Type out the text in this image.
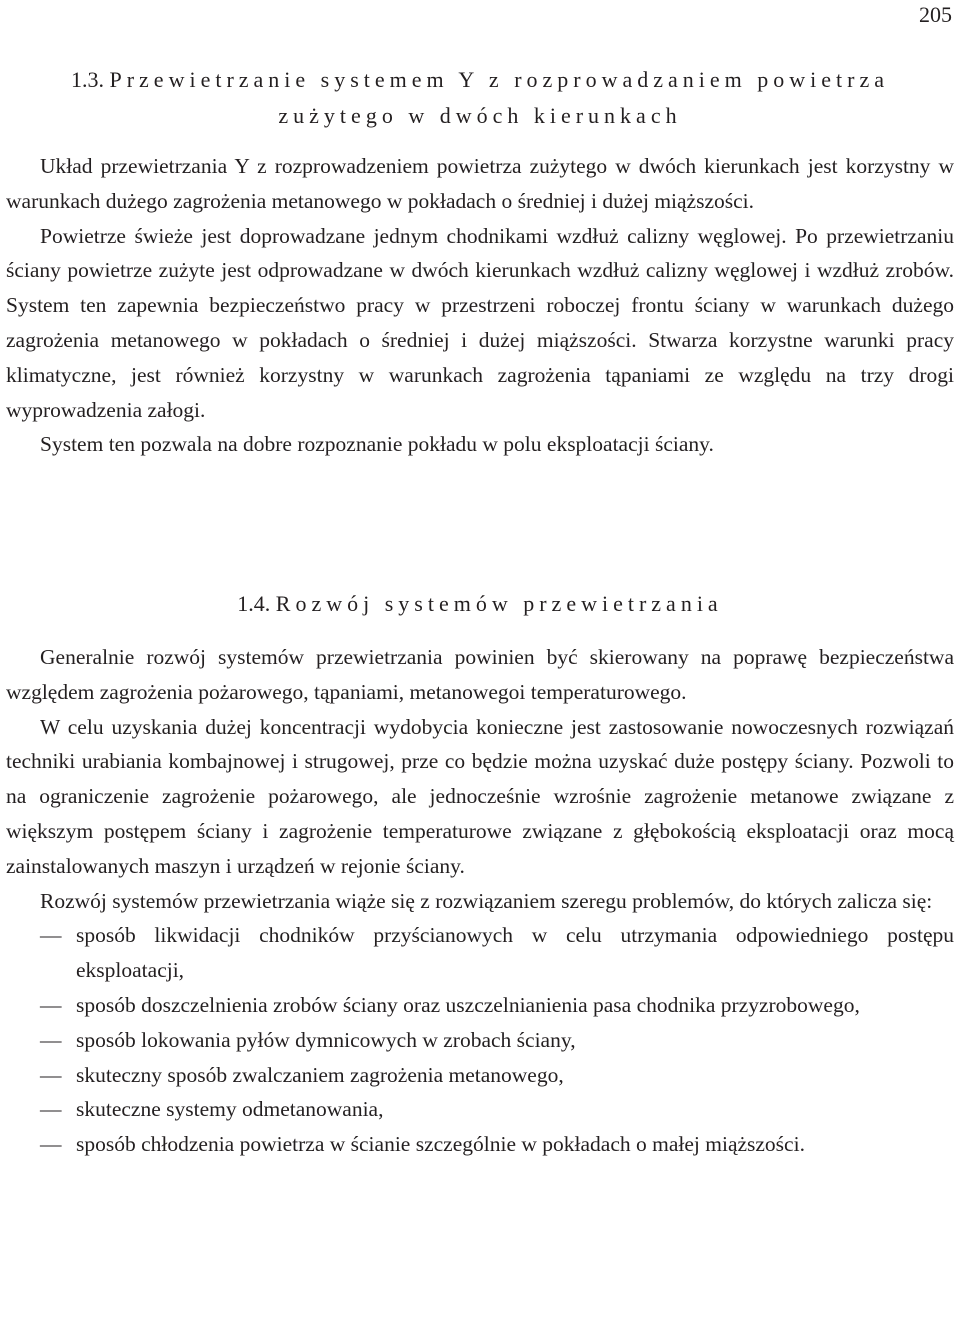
205
1.3. Przewietrzanie systemem Y z rozprowadzaniem powietrza
zużytego w dwóch kierunkach

Układ przewietrzania Y z rozprowadzeniem powietrza zużytego w dwóch kierunkach jest korzystny w warunkach dużego zagrożenia metanowego w pokładach o średniej i dużej miąższości.

Powietrze świeże jest doprowadzane jednym chodnikami wzdłuż calizny węglowej. Po przewietrzaniu ściany powietrze zużyte jest odprowadzane w dwóch kierunkach wzdłuż calizny węglowej i wzdłuż zrobów. System ten zapewnia bezpieczeństwo pracy w przestrzeni roboczej frontu ściany w warunkach dużego zagrożenia metanowego w pokładach o średniej i dużej miąższości. Stwarza korzystne warunki pracy klimatyczne, jest również korzystny w warunkach zagrożenia tąpaniami ze względu na trzy drogi wyprowadzenia załogi.

System ten pozwala na dobre rozpoznanie pokładu w polu eksploatacji ściany.

1.4. Rozwój systemów przewietrzania

Generalnie rozwój systemów przewietrzania powinien być skierowany na poprawę bezpieczeństwa względem zagrożenia pożarowego, tąpaniami, metanowegoi temperaturowego.

W celu uzyskania dużej koncentracji wydobycia konieczne jest zastosowanie nowoczesnych rozwiązań techniki urabiania kombajnowej i strugowej, prze co będzie można uzyskać duże postępy ściany. Pozwoli to na ograniczenie zagrożenie pożarowego, ale jednocześnie wzrośnie zagrożenie metanowe związane z większym postępem ściany i zagrożenie temperaturowe związane z głębokością eksploatacji oraz mocą zainstalowanych maszyn i urządzeń w rejonie ściany.

Rozwój systemów przewietrzania wiąże się z rozwiązaniem szeregu problemów, do których zalicza się:

— sposób likwidacji chodników przyścianowych w celu utrzymania odpowiedniego postępu eksploatacji,
— sposób doszczelnienia zrobów ściany oraz uszczelnianienia pasa chodnika przyzrobowego,
— sposób lokowania pyłów dymnicowych w zrobach ściany,
— skuteczny sposób zwalczaniem zagrożenia metanowego,
— skuteczne systemy odmetanowania,
— sposób chłodzenia powietrza w ścianie szczególnie w pokładach o małej miąższości.
